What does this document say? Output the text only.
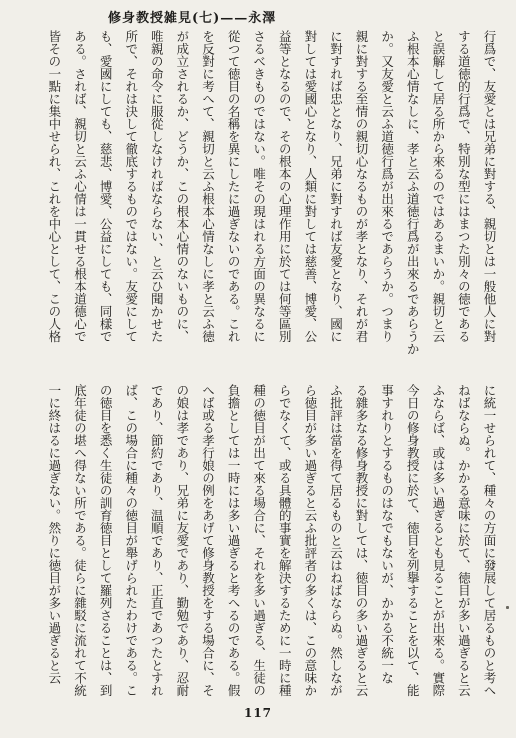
修身教授雑見(七)——永澤
行爲で、友愛とは兄弟に對する、親切とは一般他人に對
する道徳的行爲で、特別な型にはまつた別々の徳である
と誤解して居る所から來るのではあるまいか。親切と云
ふ根本心情なしに、孝と云ふ道徳行爲が出來るであらうか
か。又友愛と云ふ道徳行爲が出來るであらうか。つまり
親に對する至情の親切心なるものが孝となり、それが君
に對すれば忠となり、兄弟に對すれば友愛となり、國に
對しては愛國心となり、人類に對しては慈善、博愛、公
益等となるので、その根本の心理作用に於ては何等區別
さるべきものではない。唯その現はれる方面の異なるに
從つて徳目の名稱を異にしたに過ぎないのである。これ
を反對に考へて、親切と云ふ根本心情なしに孝と云ふ徳
が成立されるか、どうか、この根本心情のないものに、
唯親の命令に服從しなければならない、と云ひ聞かせた
所で、それは決して徹底するものではない。友愛にして
も、愛國にしても、慈悲、博愛、公益にしても、同樣で
ある。されば、親切と云ふ心情は一貫せる根本道德心で
皆その一點に集中せられ、これを中心として、この人格
に統一せられて、種々の方面に發展して居るものと考へ
ねばならぬ。かかる意味に於て、徳目が多い過ぎると云
ふならば、或は多い過ぎるとも見ることが出來る。實際
今日の修身教授に於て、徳目を列擧することを以て、能
事すれりとするものはなでもないが、かかる不統一な
る雜多なる修身教授に對しては、徳目の多い過ぎると云
ふ批評は當を得て居るものと云はねばならぬ。然しなが
ら徳目が多い過ぎると云ふ批評者の多くは、この意味か
らでなくて、或る具體的事實を解決するために一時に種
種の徳目が出て來る場合に、それを多い過ぎる、生徒の
負擔としては一時には多い過ぎると考へるのである。假
へば或る孝行娘の例をあげて修身教授をする場合に、そ
の娘は孝であり、兄弟に友愛であり、勤勉であり、忍耐
であり、節約であり、温順であり、正直であつたとすれ
ば、この場合に種々の徳目が舉げられたわけである。こ
の徳目を悉く生徒の訓育徳目として羅列さることは、到
底年徒の堪へ得ない所である。徒らに雜駁に流れて不統
一に終はるに過ぎない。然りに徳目が多い過ぎると云
117
